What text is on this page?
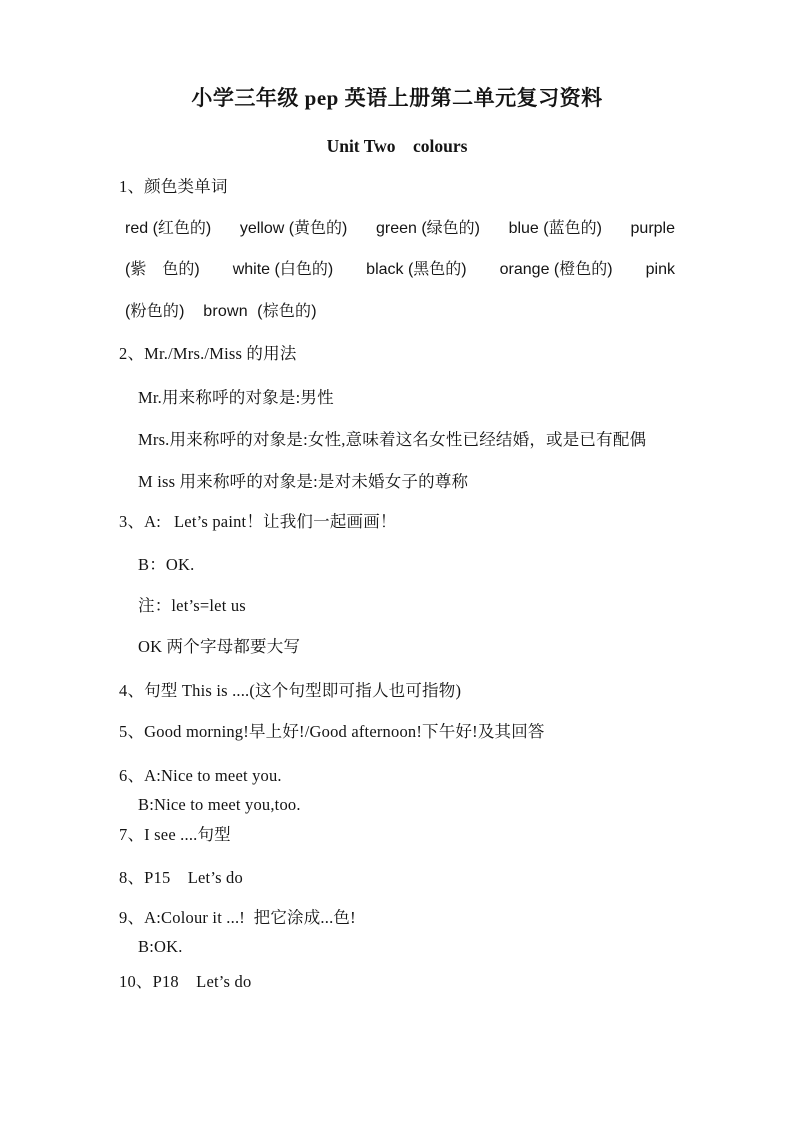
小学三年级 pep 英语上册第二单元复习资料
Unit Two    colours
1、颜色类单词
red (红色的) yellow (黄色的) green (绿色的) blue (蓝色的) purple
(紫　色的) white (白色的) black (黑色的) orange (橙色的) pink
(粉色的)    brown  (棕色的)
2、Mr./Mrs./Miss 的用法
Mr.用来称呼的对象是:男性
Mrs.用来称呼的对象是:女性,意味着这名女性已经结婚，或是已有配偶
M iss 用来称呼的对象是:是对未婚女子的尊称
3、A:   Let’s paint！让我们一起画画！
B：OK.
注：let’s=let us
OK 两个字母都要大写
4、句型 This is ....(这个句型即可指人也可指物)
5、Good morning!早上好!/Good afternoon!下午好!及其回答
6、A:Nice to meet you.
B:Nice to meet you,too.
7、I see ....句型
8、P15    Let’s do
9、A:Colour it ...!  把它涂成...色!
B:OK.
10、P18    Let’s do
